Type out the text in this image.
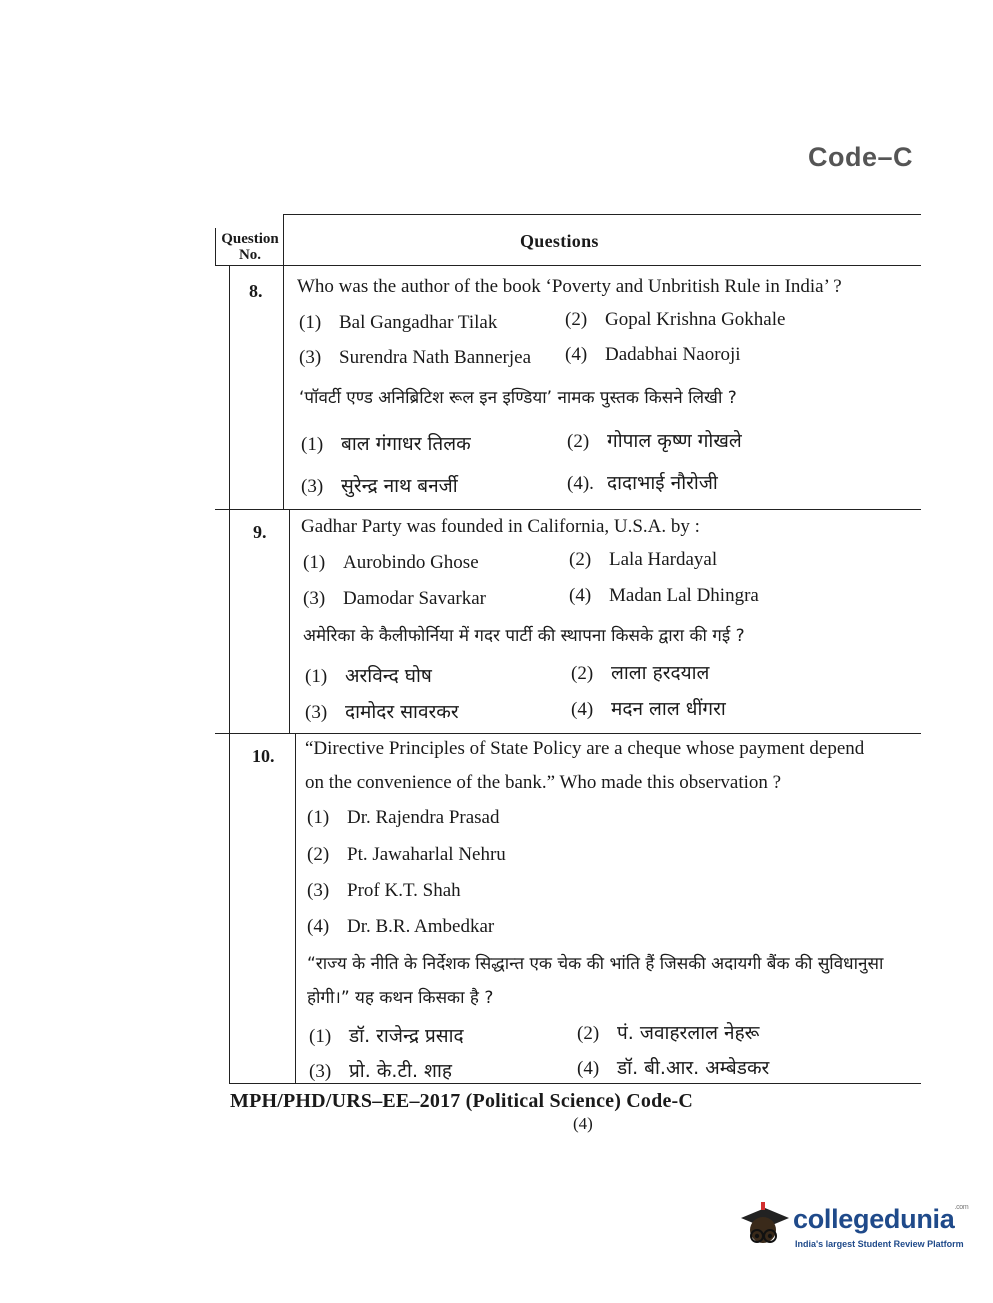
Code–C
Question No.
Questions
8. Who was the author of the book ‘Poverty and Unbritish Rule in India’ ?
(1) Bal Gangadhar Tilak	(2) Gopal Krishna Gokhale
(3) Surendra Nath Bannerjea (4) Dadabhai Naoroji
‘पॉवर्टी एण्ड अनिब्रिटिश रूल इन इण्डिया’ नामक पुस्तक किसने लिखी ?
(1) बाल गंगाधर तिलक	(2) गोपाल कृष्ण गोखले
(3) सुरेन्द्र नाथ बनर्जी	(4). दादाभाई नौरोजी
9. Gadhar Party was founded in California, U.S.A. by :
(1) Aurobindo Ghose	(2) Lala Hardayal
(3) Damodar Savarkar	(4) Madan Lal Dhingra
अमेरिका के कैलीफोर्निया में गदर पार्टी की स्थापना किसके द्वारा की गई ?
(1) अरविन्द घोष	(2) लाला हरदयाल
(3) दामोदर सावरकर	(4) मदन लाल धींगरा
10. “Directive Principles of State Policy are a cheque whose payment depend
on the convenience of the bank.” Who made this observation ?
(1) Dr. Rajendra Prasad
(2) Pt. Jawaharlal Nehru
(3) Prof K.T. Shah
(4) Dr. B.R. Ambedkar
“राज्य के नीति के निर्देशक सिद्धान्त एक चेक की भांति हैं जिसकी अदायगी बैंक की सुविधानुसा
होगी।” यह कथन किसका है ?
(1) डॉ. राजेन्द्र प्रसाद	(2) पं. जवाहरलाल नेहरू
(3) प्रो. के.टी. शाह	(4) डॉ. बी.आर. अम्बेडकर
MPH/PHD/URS–EE–2017 (Political Science) Code-C
(4)
collegedunia$^{.com}$
India's largest Student Review Platform
